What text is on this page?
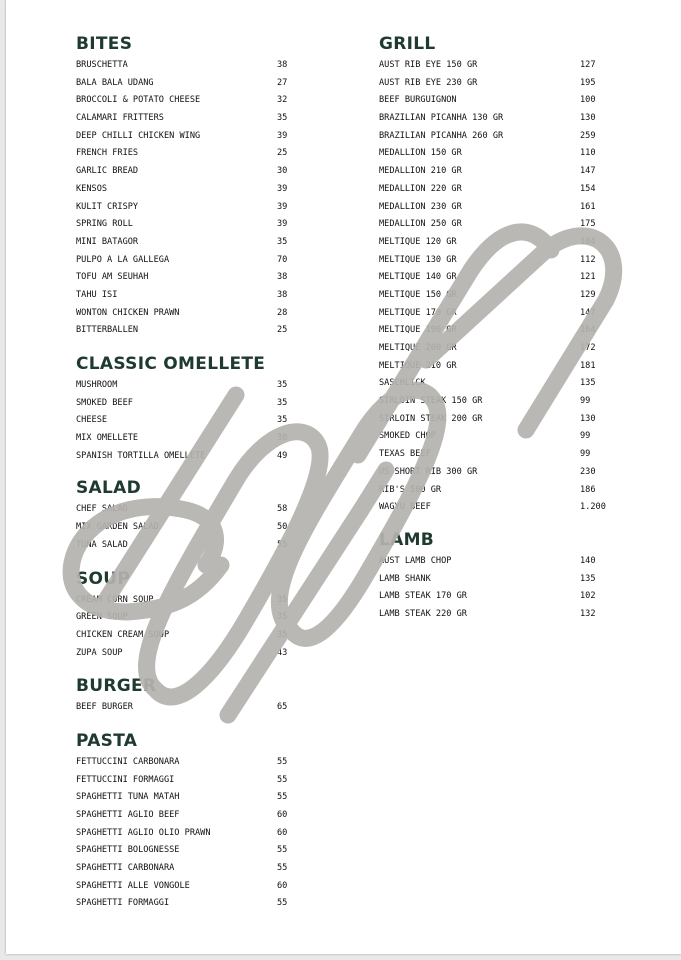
BITES
BRUSCHETTA	38
BALA BALA UDANG	27
BROCCOLI & POTATO CHEESE	32
CALAMARI FRITTERS	35
DEEP CHILLI CHICKEN WING	39
FRENCH FRIES	25
GARLIC BREAD	30
KENSOS	39
KULIT CRISPY	39
SPRING ROLL	39
MINI BATAGOR	35
PULPO A LA GALLEGA	70
TOFU AM SEUHAH	38
TAHU ISI	38
WONTON CHICKEN PRAWN	28
BITTERBALLEN	25
CLASSIC OMELLETE
MUSHROOM	35
SMOKED BEEF	35
CHEESE	35
MIX OMELLETE	38
SPANISH TORTILLA OMELLETE	49
SALAD
CHEF SALAD	58
MIX GARDEN SALAD	50
TUNA SALAD	55
SOUP
CREAM CORN SOUP	35
GREEN SOUP	35
CHICKEN CREAM SOUP	35
ZUPA SOUP	43
BURGER
BEEF BURGER	65
PASTA
FETTUCCINI CARBONARA	55
FETTUCCINI FORMAGGI	55
SPAGHETTI TUNA MATAH	55
SPAGHETTI AGLIO BEEF	60
SPAGHETTI AGLIO OLIO PRAWN	60
SPAGHETTI BOLOGNESSE	55
SPAGHETTI CARBONARA	55
SPAGHETTI ALLE VONGOLE	60
SPAGHETTI FORMAGGI	55
GRILL
AUST RIB EYE 150 GR	127
AUST RIB EYE 230 GR	195
BEEF BURGUIGNON	100
BRAZILIAN PICANHA 130 GR	130
BRAZILIAN PICANHA 260 GR	259
MEDALLION 150 GR	110
MEDALLION 210 GR	147
MEDALLION 220 GR	154
MEDALLION 230 GR	161
MEDALLION 250 GR	175
MELTIQUE 120 GR	104
MELTIQUE 130 GR	112
MELTIQUE 140 GR	121
MELTIQUE 150 GR	129
MELTIQUE 170 GR	147
MELTIQUE 190 GR	164
MELTIQUE 200 GR	172
MELTIQUE 210 GR	181
SASCHLICK	135
SIRLOIN STEAK 150 GR	99
SIRLOIN STEAK 200 GR	130
SMOKED CHOP	99
TEXAS BEEF	99
US SHORT RIB 300 GR	230
RIB'S 500 GR	186
WAGYU BEEF	1.200
LAMB
AUST LAMB CHOP	140
LAMB SHANK	135
LAMB STEAK 170 GR	102
LAMB STEAK 220 GR	132
